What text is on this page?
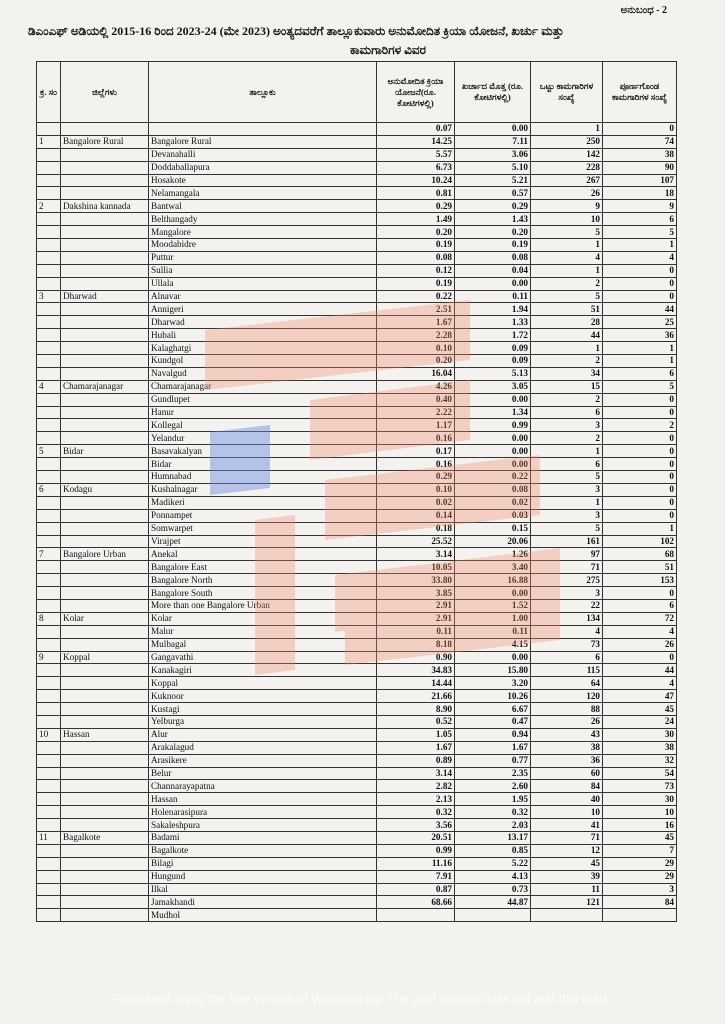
ಅನುಬಂಧ - 2
ಡಿಎಂಎಫ್ ಅಡಿಯಲ್ಲಿ 2015-16 ರಿಂದ 2023-24 (ಮೇ 2023) ಅಂತ್ಯದವರೆಗೆ ತಾಲ್ಲೂಕುವಾರು ಅನುಮೋದಿತ ಕ್ರಿಯಾ ಯೋಜನೆ, ಖರ್ಚು ಮತ್ತು
ಕಾಮಗಾರಿಗಳ ವಿವರ
ಕ್ರ. ಸಂ	ಜಿಲ್ಲೆಗಳು	ತಾಲ್ಲೂಕು	ಅನುಮೋದಿತ ಕ್ರಿಯಾ ಯೋಜನೆ(ರೂ. ಕೋಟಿಗಳಲ್ಲಿ)	ಖರ್ಚಾದ ಮೊತ್ತ (ರೂ. ಕೋಟಿಗಳಲ್ಲಿ)	ಒಟ್ಟು ಕಾಮಗಾರಿಗಳ ಸಂಖ್ಯೆ	ಪೂರ್ಣಗೊಂಡ ಕಾಮಗಾರಿಗಳ ಸಂಖ್ಯೆ
			0.07	0.00	1	0
1	Bangalore Rural	Bangalore Rural	14.25	7.11	250	74
		Devanahalli	5.57	3.06	142	38
		Doddaballapura	6.73	5.10	228	90
		Hosakote	10.24	5.21	267	107
		Nelamangala	0.81	0.57	26	18
2	Dakshina kannada	Bantwal	0.29	0.29	9	9
		Belthangady	1.49	1.43	10	6
		Mangalore	0.20	0.20	5	5
		Moodabidre	0.19	0.19	1	1
		Puttur	0.08	0.08	4	4
		Sullia	0.12	0.04	1	0
		Ullala	0.19	0.00	2	0
3	Dharwad	Alnavar	0.22	0.11	5	0
		Annigeri	2.51	1.94	51	44
		Dharwad	1.67	1.33	28	25
		Hubali	2.28	1.72	44	36
		Kalaghatgi	0.10	0.09	1	1
		Kundgol	0.20	0.09	2	1
		Navalgud	16.04	5.13	34	6
4	Chamarajanagar	Chamarajanagar	4.26	3.05	15	5
		Gundlupet	0.40	0.00	2	0
		Hanur	2.22	1.34	6	0
		Kollegal	1.17	0.99	3	2
		Yelandur	0.16	0.00	2	0
5	Bidar	Basavakalyan	0.17	0.00	1	0
		Bidar	0.16	0.00	6	0
		Humnabad	0.29	0.22	5	0
6	Kodagu	Kushalnagar	0.10	0.08	3	0
		Madikeri	0.02	0.02	1	0
		Ponnampet	0.14	0.03	3	0
		Somwarpet	0.18	0.15	5	1
		Virajpet	25.52	20.06	161	102
7	Bangalore Urban	Anekal	3.14	1.26	97	68
		Bangalore East	10.05	3.40	71	51
		Bangalore North	33.80	16.88	275	153
		Bangalore South	3.85	0.00	3	0
		More than one Bangalore Urban	2.91	1.52	22	6
8	Kolar	Kolar	2.91	1.00	134	72
		Malur	0.11	0.11	4	4
		Mulbagal	8.18	4.15	73	26
9	Koppal	Gangavathi	0.90	0.00	6	0
		Kanakagiri	34.83	15.80	115	44
		Koppal	14.44	3.20	64	4
		Kuknoor	21.66	10.26	120	47
		Kustagi	8.90	6.67	88	45
		Yelburga	0.52	0.47	26	24
10	Hassan	Alur	1.05	0.94	43	30
		Arakalagud	1.67	1.67	38	38
		Arasikere	0.89	0.77	36	32
		Belur	3.14	2.35	60	54
		Channarayapatna	2.82	2.60	84	73
		Hassan	2.13	1.95	40	30
		Holenarasipura	0.32	0.32	10	10
		Sakaleshpura	3.56	2.03	41	16
11	Bagalkote	Badami	20.51	13.17	71	45
		Bagalkote	0.99	0.85	12	7
		Bilagi	11.16	5.22	45	29
		Hungund	7.91	4.13	39	29
		Ilkal	0.87	0.73	11	3
		Jamakhandi	68.66	44.87	121	84
		Mudhol				
Processed using the free version of Watermarkly. The paid version does not add this mark.
